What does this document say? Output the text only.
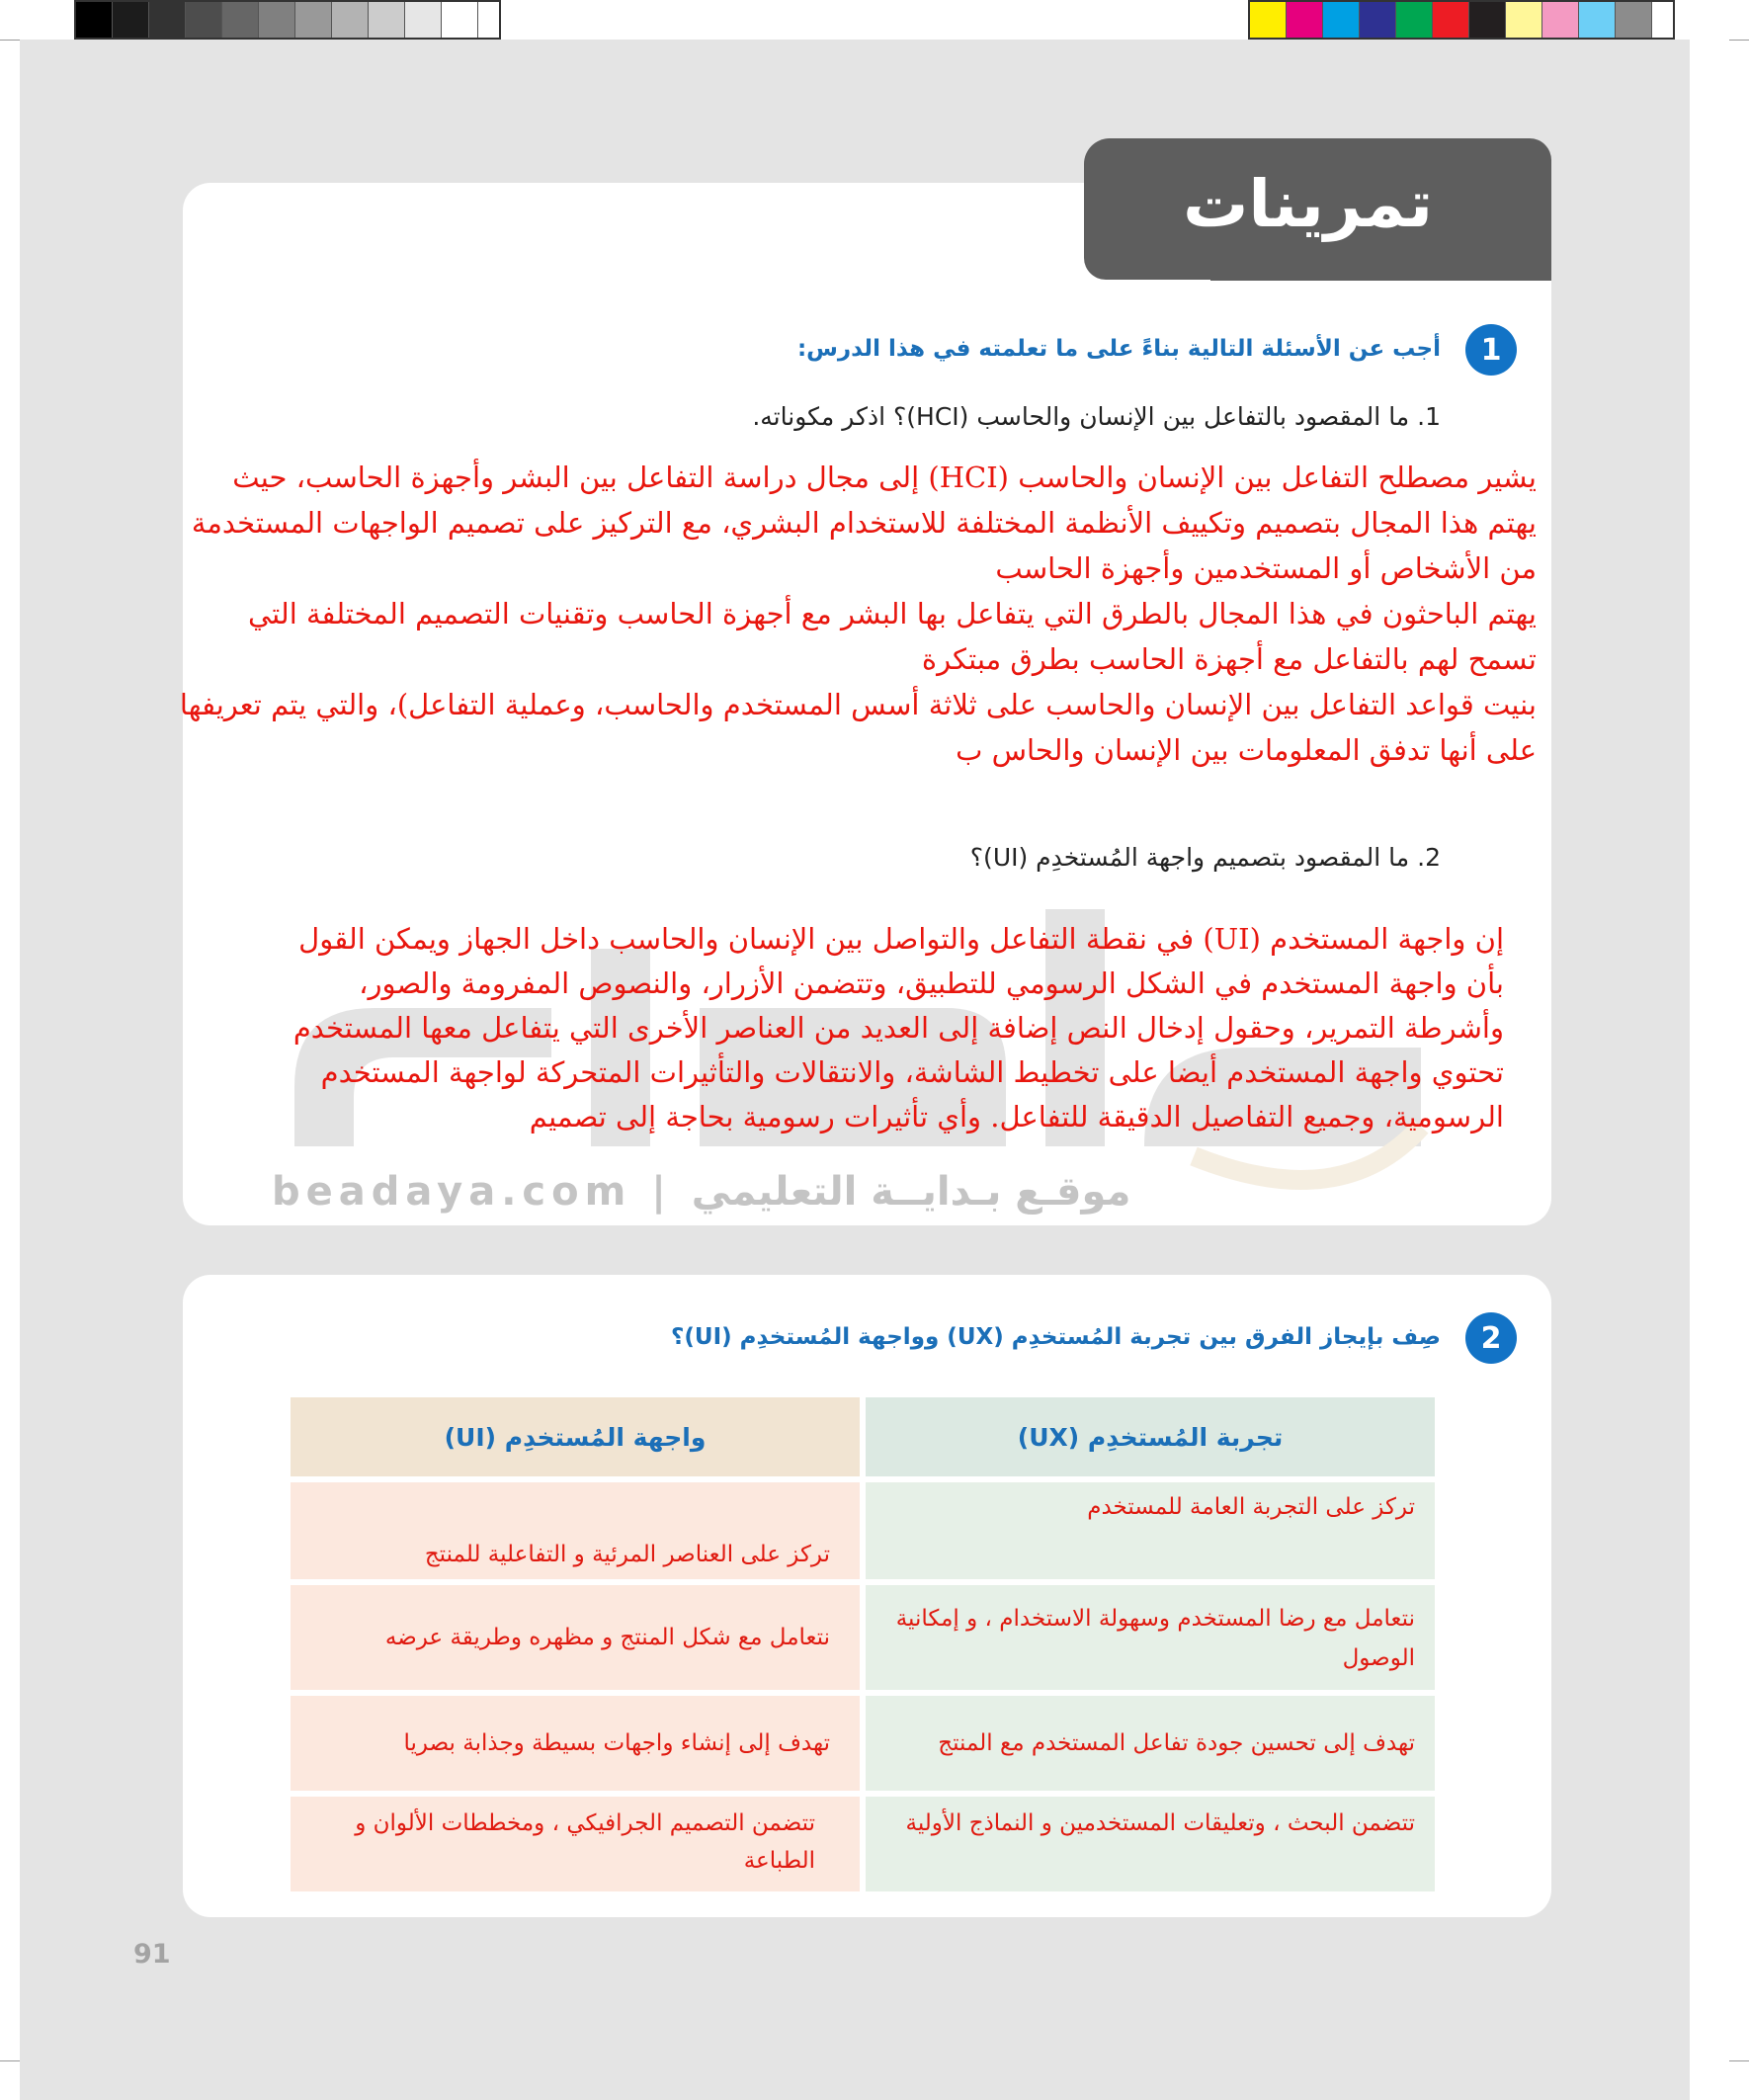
beadaya.com | موقـع بـدايــة التعليمي
تمرينات
1
أجب عن الأسئلة التالية بناءً على ما تعلمته في هذا الدرس:
1. ما المقصود بالتفاعل بين الإنسان والحاسب (HCI)؟ اذكر مكوناته.
يشير مصطلح التفاعل بين الإنسان والحاسب (HCI) إلى مجال دراسة التفاعل بين البشر وأجهزة الحاسب، حيث
يهتم هذا المجال بتصميم وتكييف الأنظمة المختلفة للاستخدام البشري، مع التركيز على تصميم الواجهات المستخدمة
من الأشخاص أو المستخدمين وأجهزة الحاسب
يهتم الباحثون في هذا المجال بالطرق التي يتفاعل بها البشر مع أجهزة الحاسب وتقنيات التصميم المختلفة التي
تسمح لهم بالتفاعل مع أجهزة الحاسب بطرق مبتكرة
بنيت قواعد التفاعل بين الإنسان والحاسب على ثلاثة أسس المستخدم والحاسب، وعملية التفاعل)، والتي يتم تعريفها
على أنها تدفق المعلومات بين الإنسان والحاس ب
2. ما المقصود بتصميم واجهة المُستخدِم (UI)؟
إن واجهة المستخدم (UI) في نقطة التفاعل والتواصل بين الإنسان والحاسب داخل الجهاز ويمكن القول
بأن واجهة المستخدم في الشكل الرسومي للتطبيق، وتتضمن الأزرار، والنصوص المفرومة والصور،
وأشرطة التمرير، وحقول إدخال النص إضافة إلى العديد من العناصر الأخرى التي يتفاعل معها المستخدم
تحتوي واجهة المستخدم أيضا على تخطيط الشاشة، والانتقالات والتأثيرات المتحركة لواجهة المستخدم
الرسومية، وجميع التفاصيل الدقيقة للتفاعل. وأي تأثيرات رسومية بحاجة إلى تصميم
2
صِف بإيجاز الفرق بين تجربة المُستخدِم (UX) وواجهة المُستخدِم (UI)؟
تجربة المُستخدِم (UX)	واجهة المُستخدِم (UI)
تركز على التجربة العامة للمستخدم	تركز على العناصر المرئية و التفاعلية للمنتج
نتعامل مع رضا المستخدم وسهولة الاستخدام ، و إمكانية الوصول	نتعامل مع شكل المنتج و مظهره وطريقة عرضه
تهدف إلى تحسين جودة تفاعل المستخدم مع المنتج	تهدف إلى إنشاء واجهات بسيطة وجذابة بصريا
تتضمن البحث ، وتعليقات المستخدمين و النماذج الأولية	تتضمن التصميم الجرافيكي ، ومخططات الألوان و الطباعة
91
